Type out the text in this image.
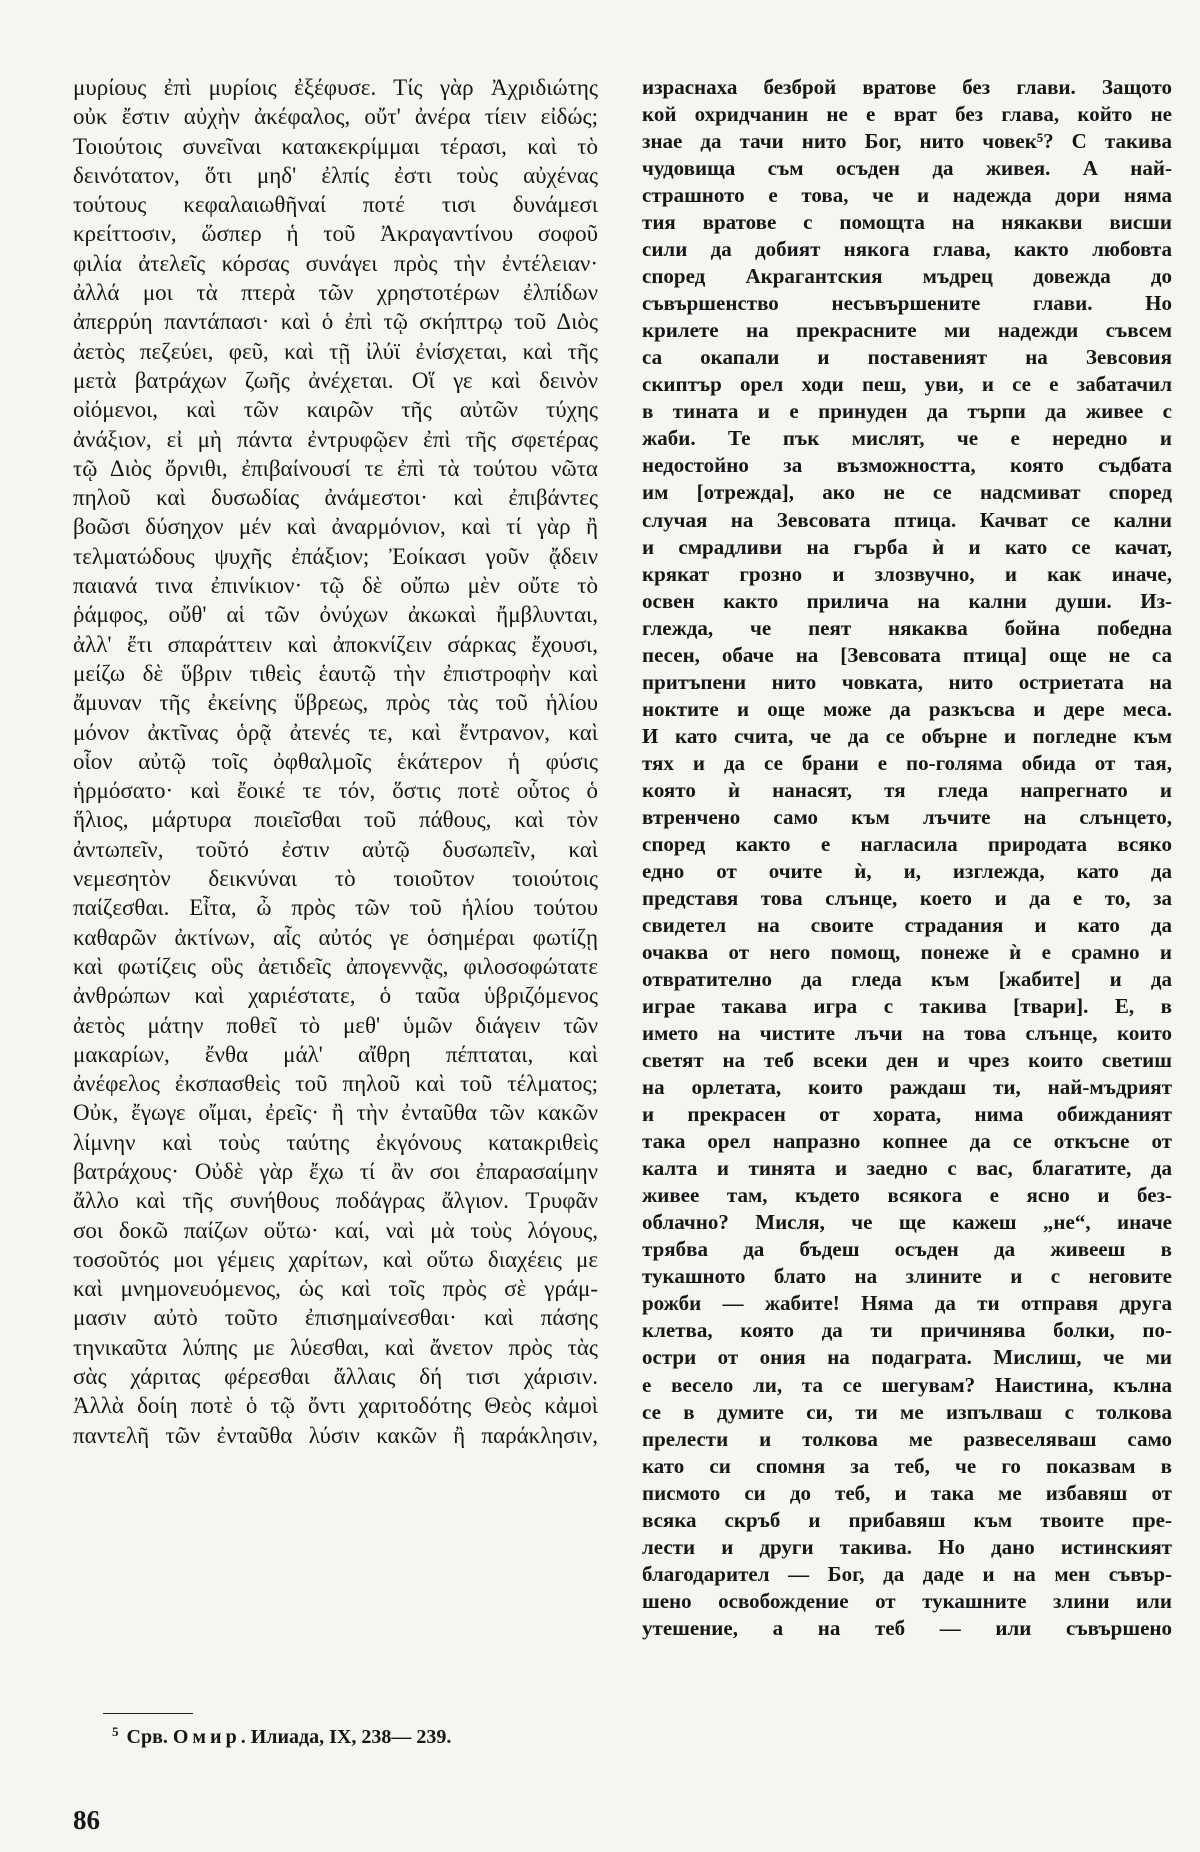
μυρίους ἐπὶ μυρίοις ἐξέφυσε. Τίς γὰρ Ἀχριδιώτης
οὐκ ἔστιν αὐχὴν ἀκέφαλος, οὔτ' ἀνέρα τίειν εἰδώς;
Τοιούτοις συνεῖναι κατακεκρίμμαι τέρασι, καὶ τὸ
δεινότατον, ὅτι μηδ' ἐλπίς ἐστι τοὺς αὐχένας
τούτους κεφαλαιωθῆναί ποτέ τισι δυνάμεσι
κρείττοσιν, ὥσπερ ἡ τοῦ Ἀκραγαντίνου σοφοῦ
φιλία ἀτελεῖς κόρσας συνάγει πρὸς τὴν ἐντέλειαν·
ἀλλά μοι τὰ πτερὰ τῶν χρηστοτέρων ἐλπίδων
ἀπερρύη παντάπασι· καὶ ὁ ἐπὶ τῷ σκήπτρῳ τοῦ Διὸς
ἀετὸς πεζεύει, φεῦ, καὶ τῇ ἰλύϊ ἐνίσχεται, καὶ τῆς
μετὰ βατράχων ζωῆς ἀνέχεται. Οἵ γε καὶ δεινὸν
οἰόμενοι, καὶ τῶν καιρῶν τῆς αὐτῶν τύχης
ἀνάξιον, εἰ μὴ πάντα ἐντρυφῷεν ἐπὶ τῆς σφετέρας
τῷ Διὸς ὄρνιθι, ἐπιβαίνουσί τε ἐπὶ τὰ τούτου νῶτα
πηλοῦ καὶ δυσωδίας ἀνάμεστοι· καὶ ἐπιβάντες
βοῶσι δύσηχον μέν καὶ ἀναρμόνιον, καὶ τί γὰρ ἢ
τελματώδους ψυχῆς ἐπάξιον; Ἐοίκασι γοῦν ᾄδειν
παιανά τινα ἐπινίκιον· τῷ δὲ οὔπω μὲν οὔτε τὸ
ῥάμφος, οὔθ' αἱ τῶν ὀνύχων ἀκωκαὶ ἤμβλυνται,
ἀλλ' ἔτι σπαράττειν καὶ ἀποκνίζειν σάρκας ἔχουσι,
μείζω δὲ ὕβριν τιθεὶς ἑαυτῷ τὴν ἐπιστροφὴν καὶ
ἄμυναν τῆς ἐκείνης ὕβρεως, πρὸς τὰς τοῦ ἡλίου
μόνον ἀκτῖνας ὁρᾷ ἀτενές τε, καὶ ἔντρανον, καὶ
οἷον αὐτῷ τοῖς ὀφθαλμοῖς ἑκάτερον ἡ φύσις
ἡρμόσατο· καὶ ἔοικέ τε τόν, ὅστις ποτὲ οὗτος ὁ
ἥλιος, μάρτυρα ποιεῖσθαι τοῦ πάθους, καὶ τὸν
ἀντωπεῖν, τοῦτό ἐστιν αὐτῷ δυσωπεῖν, καὶ
νεμεσητὸν δεικνύναι τὸ τοιοῦτον τοιούτοις
παίζεσθαι. Εἶτα, ὦ πρὸς τῶν τοῦ ἡλίου τούτου
καθαρῶν ἀκτίνων, αἷς αὐτός γε ὁσημέραι φωτίζῃ
καὶ φωτίζεις οὓς ἀετιδεῖς ἀπογεννᾷς, φιλοσοφώτατε
ἀνθρώπων καὶ χαριέστατε, ὁ ταῦα ὑβριζόμενος
ἀετὸς μάτην ποθεῖ τὸ μεθ' ὑμῶν διάγειν τῶν
μακαρίων, ἔνθα μάλ' αἴθρη πέπταται, καὶ
ἀνέφελος ἐκσπασθεὶς τοῦ πηλοῦ καὶ τοῦ τέλματος;
Οὐκ, ἔγωγε οἴμαι, ἐρεῖς· ἢ τὴν ἐνταῦθα τῶν κακῶν
λίμνην καὶ τοὺς ταύτης ἐκγόνους κατακριθεὶς
βατράχους· Οὐδὲ γὰρ ἔχω τί ἂν σοι ἐπαρασαίμην
ἄλλο καὶ τῆς συνήθους ποδάγρας ἄλγιον. Τρυφᾶν
σοι δοκῶ παίζων οὕτω· καί, ναὶ μὰ τοὺς λόγους,
τοσοῦτός μοι γέμεις χαρίτων, καὶ οὕτω διαχέεις με
καὶ μνημονευόμενος, ὡς καὶ τοῖς πρὸς σὲ γράμ-
μασιν αὐτὸ τοῦτο ἐπισημαίνεσθαι· καὶ πάσης
τηνικαῦτα λύπης με λύεσθαι, καὶ ἄνετον πρὸς τὰς
σὰς χάριτας φέρεσθαι ἄλλαις δή τισι χάρισιν.
Ἀλλὰ δοίη ποτὲ ὁ τῷ ὄντι χαριτοδότης Θεὸς κἀμοὶ
παντελῆ τῶν ἐνταῦθα λύσιν κακῶν ἢ παράκλησιν,
израснаха безброй вратове без глави. Защото
кой охридчанин не е врат без глава, който не
знае да тачи нито Бог, нито човек⁵? С такива
чудовища съм осъден да живея. А най-
страшното е това, че и надежда дори няма
тия вратове с помощта на някакви висши
сили да добият някога глава, както любовта
според Акрагантския мъдрец довежда до
съвършенство несъвършените глави. Но
крилете на прекрасните ми надежди съвсем
са окапали и поставеният на Зевсовия
скиптър орел ходи пеш, уви, и се е забатачил
в тината и е принуден да търпи да живее с
жаби. Те пък мислят, че е нередно и
недостойно за възможността, която съдбата
им [отрежда], ако не се надсмиват според
случая на Зевсовата птица. Качват се кални
и смрадливи на гърба ѝ и като се качат,
крякат грозно и злозвучно, и как иначе,
освен както прилича на кални души. Из-
глежда, че пеят някаква бойна победна
песен, обаче на [Зевсовата птица] още не са
притъпени нито човката, нито остриетата на
ноктите и още може да разкъсва и дере меса.
И като счита, че да се обърне и погледне към
тях и да се брани е по-голяма обида от тая,
която ѝ нанасят, тя гледа напрегнато и
втренчено само към лъчите на слънцето,
според както е нагласила природата всяко
едно от очите ѝ, и, изглежда, като да
представя това слънце, което и да е то, за
свидетел на своите страдания и като да
очаква от него помощ, понеже ѝ е срамно и
отвратително да гледа към [жабите] и да
играе такава игра с такива [твари]. Е, в
името на чистите лъчи на това слънце, които
светят на теб всеки ден и чрез които светиш
на орлетата, които раждаш ти, най-мъдрият
и прекрасен от хората, нима обижданият
така орел напразно копнее да се откъсне от
калта и тинята и заедно с вас, благатите, да
живее там, където всякога е ясно и без-
облачно? Мисля, че ще кажеш „не“, иначе
трябва да бъдеш осъден да живееш в
тукашното блато на злините и с неговите
рожби — жабите! Няма да ти отправя друга
клетва, която да ти причинява болки, по-
остри от ония на подаграта. Мислиш, че ми
е весело ли, та се шегувам? Наистина, кълна
се в думите си, ти ме изпълваш с толкова
прелести и толкова ме развеселяваш само
като си спомня за теб, че го показвам в
писмото си до теб, и така ме избавяш от
всяка скръб и прибавяш към твоите пре-
лести и други такива. Но дано истинският
благодарител — Бог, да даде и на мен съвър-
шено освобождение от тукашните злини или
утешение, а на теб — или съвършено
$^5$ Срв. Омир. Илиада, IX, 238— 239.
86
